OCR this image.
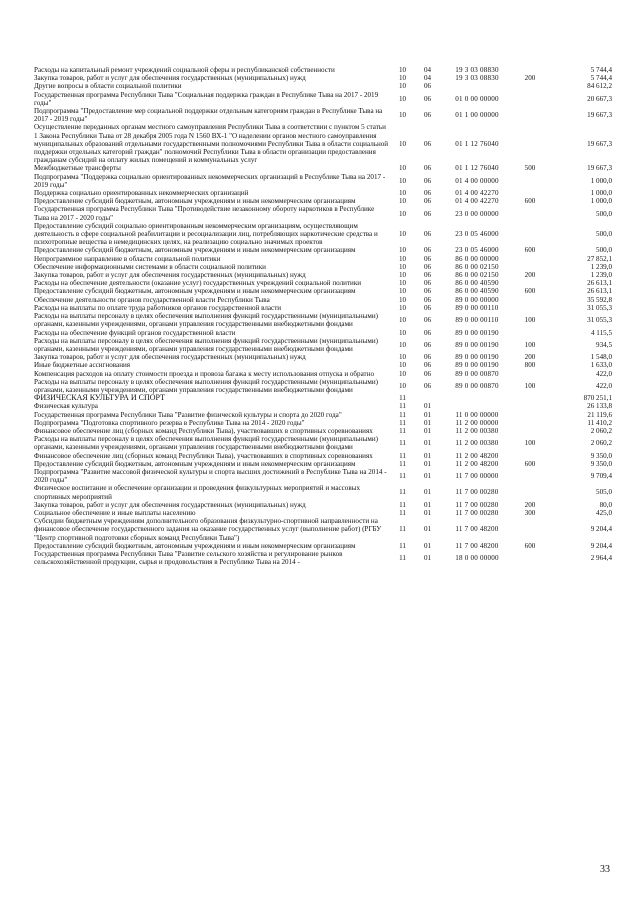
Расходы на капитальный ремонт учреждений социальной сферы и республиканской собственности	10	04	19 3 03 08830		5 744,4
Закупка товаров, работ и услуг для обеспечения государственных (муниципальных) нужд	10	04	19 3 03 08830	200	5 744,4
Другие вопросы в области социальной политики	10	06			84 612,2
Государственная программа Республики Тыва "Социальная поддержка граждан в Республике Тыва на 2017 - 2019 годы"	10	06	01 0 00 00000		20 667,3
Подпрограмма "Предоставление мер социальной поддержки отдельным категориям граждан в Республике Тыва на 2017 - 2019 годы"	10	06	01 1 00 00000		19 667,3
Осуществление переданных органам местного самоуправления Республики Тыва в соответствии с пунктом 5 статьи 1 Закона Республики Тыва от 28 декабря 2005 года N 1560 ВХ-1 "О наделении органов местного самоуправления муниципальных образований отдельными государственными полномочиями Республики Тыва в области социальной поддержки отдельных категорий граждан" полномочий Республики Тыва в области организации предоставления гражданам субсидий на оплату жилых помещений и коммунальных услуг	10	06	01 1 12 76040		19 667,3
Межбюджетные трансферты	10	06	01 1 12 76040	500	19 667,3
Подпрограмма "Поддержка социально ориентированных некоммерческих организаций в Республике Тыва на 2017 - 2019 годы"	10	06	01 4 00 00000		1 000,0
Поддержка социально ориентированных некоммерческих организаций	10	06	01 4 00 42270		1 000,0
Предоставление субсидий бюджетным, автономным учреждениям и иным некоммерческим организациям	10	06	01 4 00 42270	600	1 000,0
Государственная программа Республики Тыва "Противодействие незаконному обороту наркотиков в Республике Тыва на 2017 - 2020 годы"	10	06	23 0 00 00000		500,0
Предоставление субсидий социально ориентированным некоммерческим организациям, осуществляющим деятельность в сфере социальной реабилитации и ресоциализации лиц, потребляющих наркотические средства и психотропные вещества в немедицинских целях, на реализацию социально значимых проектов	10	06	23 0 05 46000		500,0
Предоставление субсидий бюджетным, автономным учреждениям и иным некоммерческим организациям	10	06	23 0 05 46000	600	500,0
Непрограммное направление в области социальной политики	10	06	86 0 00 00000		27 852,1
Обеспечение информационными системами в области социальной политики	10	06	86 0 00 02150		1 239,0
Закупка товаров, работ и услуг для обеспечения государственных (муниципальных) нужд	10	06	86 0 00 02150	200	1 239,0
Расходы на обеспечение деятельности (оказание услуг) государственных учреждений социальной политики	10	06	86 0 00 40590		26 613,1
Предоставление субсидий бюджетным, автономным учреждениям и иным некоммерческим организациям	10	06	86 0 00 40590	600	26 613,1
Обеспечение деятельности органов государственной власти Республики Тыва	10	06	89 0 00 00000		35 592,8
Расходы на выплаты по оплате труда работников органов государственной власти	10	06	89 0 00 00110		31 055,3
Расходы на выплаты персоналу в целях обеспечения выполнения функций государственными (муниципальными) органами, казенными учреждениями, органами управления государственными внебюджетными фондами	10	06	89 0 00 00110	100	31 055,3
Расходы на обеспечение функций органов государственной власти	10	06	89 0 00 00190		4 115,5
Расходы на выплаты персоналу в целях обеспечения выполнения функций государственными (муниципальными) органами, казенными учреждениями, органами управления государственными внебюджетными фондами	10	06	89 0 00 00190	100	934,5
Закупка товаров, работ и услуг для обеспечения государственных (муниципальных) нужд	10	06	89 0 00 00190	200	1 548,0
Иные бюджетные ассигнования	10	06	89 0 00 00190	800	1 633,0
Компенсация расходов на оплату стоимости проезда и провоза багажа к месту использования отпуска и обратно	10	06	89 0 00 00870		422,0
Расходы на выплаты персоналу в целях обеспечения выполнения функций государственными (муниципальными) органами, казенными учреждениями, органами управления государственными внебюджетными фондами	10	06	89 0 00 00870	100	422,0
ФИЗИЧЕСКАЯ КУЛЬТУРА И СПОРТ	11				870 251,1
Физическая культура	11	01			26 133,8
Государственная программа Республики Тыва "Развитие физической культуры и спорта до 2020 года"	11	01	11 0 00 00000		21 119,6
Подпрограмма "Подготовка спортивного резерва в Республике Тыва на 2014 - 2020 годы"	11	01	11 2 00 00000		11 410,2
Финансовое обеспечение лиц (сборных команд Республики Тыва), участвовавших в спортивных соревнованиях	11	01	11 2 00 00380		2 060,2
Расходы на выплаты персоналу в целях обеспечения выполнения функций государственными (муниципальными) органами, казенными учреждениями, органами управления государственными внебюджетными фондами	11	01	11 2 00 00380	100	2 060,2
Финансовое обеспечение лиц (сборных команд Республики Тыва), участвовавших в спортивных соревнованиях	11	01	11 2 00 48200		9 350,0
Предоставление субсидий бюджетным, автономным учреждениям и иным некоммерческим организациям	11	01	11 2 00 48200	600	9 350,0
Подпрограмма "Развитие массовой физической культуры и спорта высших достижений в Республике Тыва на 2014 - 2020 годы"	11	01	11 7 00 00000		9 709,4
Физическое воспитание и обеспечение организации и проведения физкультурных мероприятий и массовых спортивных мероприятий	11	01	11 7 00 00280		505,0
Закупка товаров, работ и услуг для обеспечения государственных (муниципальных) нужд	11	01	11 7 00 00280	200	80,0
Социальное обеспечение и иные выплаты населению	11	01	11 7 00 00280	300	425,0
Субсидии бюджетным учреждениям дополнительного образования физкультурно-спортивной направленности на финансовое обеспечение государственного задания на оказание государственных услуг (выполнение работ) (РГБУ "Центр спортивной подготовки сборных команд Республики Тыва")	11	01	11 7 00 48200		9 204,4
Предоставление субсидий бюджетным, автономным учреждениям и иным некоммерческим организациям	11	01	11 7 00 48200	600	9 204,4
Государственная программа Республики Тыва "Развитие сельского хозяйства и регулирование рынков сельскохозяйственной продукции, сырья и продовольствия в Республике Тыва на 2014 -	11	01	18 0 00 00000		2 964,4
33
